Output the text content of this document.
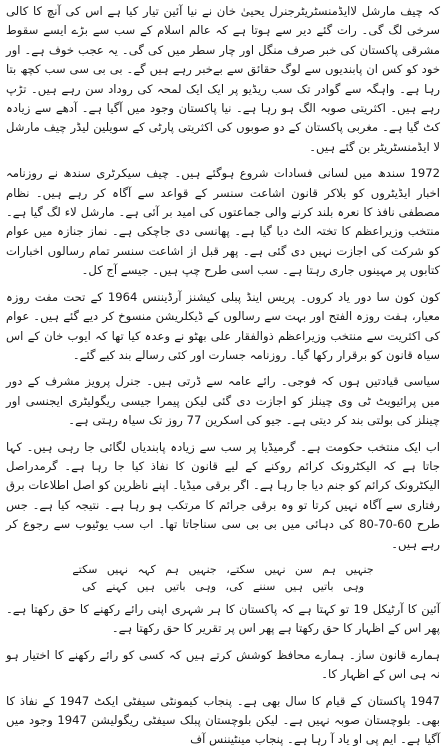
کہ چیف مارشل لاایڈمنسٹریٹرجنرل یحییٰ خان نے نیا آئین تیار کیا ہے اس کی آنچ کا کالی سرخی لگ گی۔ رات گئے دیر سے ہوتا ہے کہ عالم اسلام کے سب سے بڑے ایسے سقوط مشرقی پاکستان کی خبر صرف منگل اور چار سطر میں کی گی۔ یہ عجب خوف ہے۔ اور خود کو کس ان پابندیوں سے لوگ حقائق سے بےخبر رہے ہیں گے۔ بی بی سی سب کچھ بتا رہا ہے۔ واہگہ سے گوادر تک سب ریڈیو پر ایک ایک لمحہ کی روداد سن رہے ہیں۔ تڑپ رہے ہیں۔ اکثریتی صوبہ الگ ہو رہا ہے۔ نیا پاکستان وجود میں آگیا ہے۔ آدھے سے زیادہ کٹ گیا ہے۔ مغربی پاکستان کے دو صوبوں کی اکثریتی پارٹی کے سویلین لیڈر چیف مارشل لا ایڈمنسٹریٹر بن گئے ہیں۔

1972 سندھ میں لسانی فسادات شروع ہوگئے ہیں۔ چیف سیکرٹری سندھ نے روزنامہ اخبار ایڈیٹروں کو بلاکر قانون اشاعت سنسر کے قواعد سے آگاہ کر رہے ہیں۔ نظام مصطفی نافذ کا نعرہ بلند کرنے والی جماعتوں کی امید بر آئی ہے۔ مارشل لاء لگ گیا ہے۔ منتخب وزیراعظم کا تختہ الٹ دیا گیا ہے۔ پھانسی دی جاچکی ہے۔ نماز جنازہ میں عوام کو شرکت کی اجازت نہیں دی گئی ہے۔ پھر قبل از اشاعت سنسر تمام رسالوں اخبارات کتابوں پر مہینوں جاری رہتا ہے۔ سب اسی طرح چپ ہیں۔ جیسے آج کل۔

کون کون سا دور یاد کروں۔ پریس اینڈ پبلی کیشنز آرڈیننس 1964 کے تحت مفت روزہ معیار، ہفت روزہ الفتح اور بہت سے رسالوں کے ڈیکلریشن منسوخ کر دیے گئے ہیں۔ عوام کی اکثریت سے منتخب وزیراعظم ذوالفقار علی بھٹو نے وعدہ کیا تھا کہ ایوب خان کے اس سیاہ قانون کو برقرار رکھا گیا۔ روزنامہ جسارت اور کئی رسالے بند کیے گئے۔

سیاسی قیادتیں ہوں کہ فوجی۔ رائے عامہ سے ڈرتی ہیں۔ جنرل پرویز مشرف کے دور میں پرائیویٹ ٹی وی چینلز کو اجازت دی گئی لیکن پیمرا جیسی ریگولیٹری ایجنسی اور چینلز کی بولتی بند کر دیتی ہے۔ جیو کی اسکرین 77 روز تک سیاہ رہتی ہے۔

اب ایک منتخب حکومت ہے۔ گرمیڈیا پر سب سے زیادہ پابندیاں لگائی جا رہی ہیں۔ کہا جاتا ہے کہ الیکٹرونک کرائم روکنے کے لیے قانون کا نفاذ کیا جا رہا ہے۔ گرمدراصل الیکٹرونک کرائم کو جنم دیا جا رہا ہے۔ اگر برقی میڈیا۔ اپنے ناظرین کو اصل اطلاعات برق رفتاری سے آگاہ نہیں کرتا تو وہ برقی جرائم کا مرتکب ہو رہا ہے۔ نتیجہ کیا ہے۔ جس طرح 60-70-80 کی دہائی میں بی بی سی سناجاتا تھا۔ اب سب یوٹیوب سے رجوع کر رہے ہیں۔

جنہیں ہم سن نہیں سکتے، جنہیں ہم کہہ نہیں سکتے
وہی باتیں ہیں سننے کی، وہی باتیں ہیں کہنے کی

آئین کا آرٹیکل 19 تو کہتا ہے کہ پاکستان کا ہر شہری اپنی رائے رکھنے کا حق رکھتا ہے۔ پھر اس کے اظہار کا حق رکھتا ہے پھر اس پر تقریر کا حق رکھتا ہے۔

ہمارے قانون ساز۔ ہمارے محافظ کوشش کرتے ہیں کہ کسی کو رائے رکھنے کا اختیار ہو نہ ہی اس کے اظہار کا۔

1947 پاکستان کے قیام کا سال بھی ہے۔ پنجاب کیمونٹی سیفٹی ایکٹ 1947 کے نفاذ کا بھی۔ بلوچستان صوبہ نہیں ہے۔ لیکن بلوچستان پبلک سیفٹی ریگولیشن 1947 وجود میں آگیا ہے۔ ایم پی او یاد آ رہا ہے۔ پنجاب مینٹیننس آف
